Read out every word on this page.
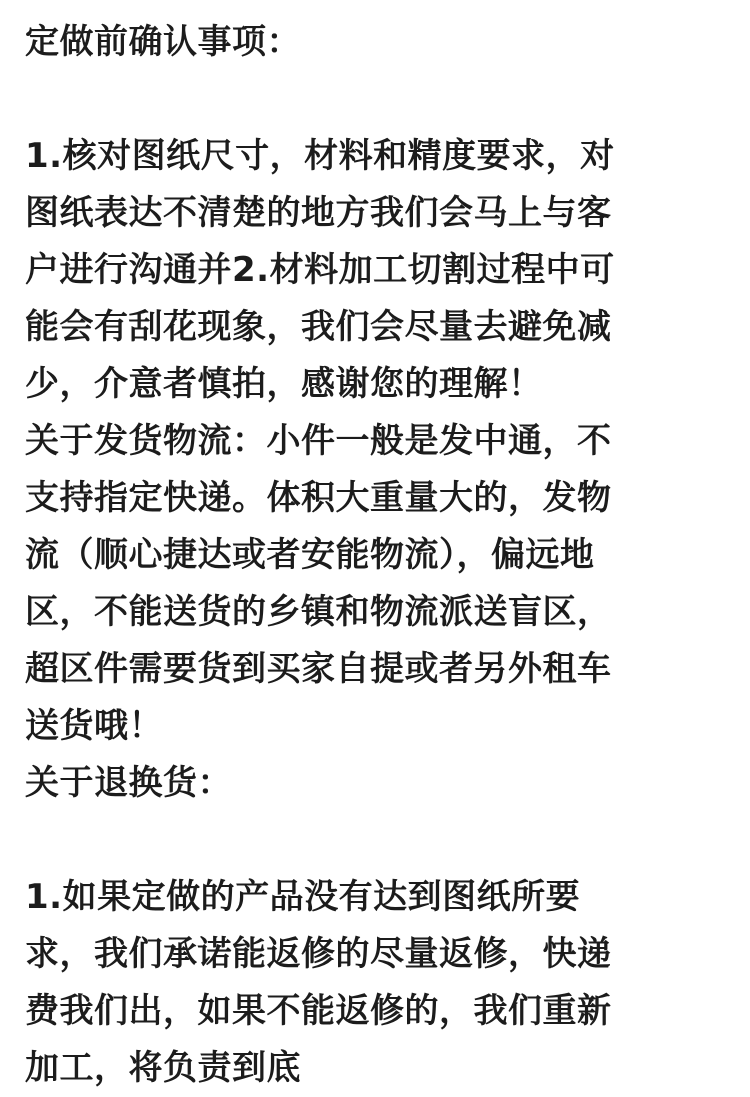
定做前确认事项：
1.核对图纸尺寸，材料和精度要求，对
图纸表达不清楚的地方我们会马上与客
户进行沟通并2.材料加工切割过程中可
能会有刮花现象，我们会尽量去避免减
少，介意者慎拍，感谢您的理解！
关于发货物流：小件一般是发中通，不
支持指定快递。体积大重量大的，发物
流（顺心捷达或者安能物流），偏远地
区，不能送货的乡镇和物流派送盲区，
超区件需要货到买家自提或者另外租车
送货哦！
关于退换货：
1.如果定做的产品没有达到图纸所要
求，我们承诺能返修的尽量返修，快递
费我们出，如果不能返修的，我们重新
加工，将负责到底
